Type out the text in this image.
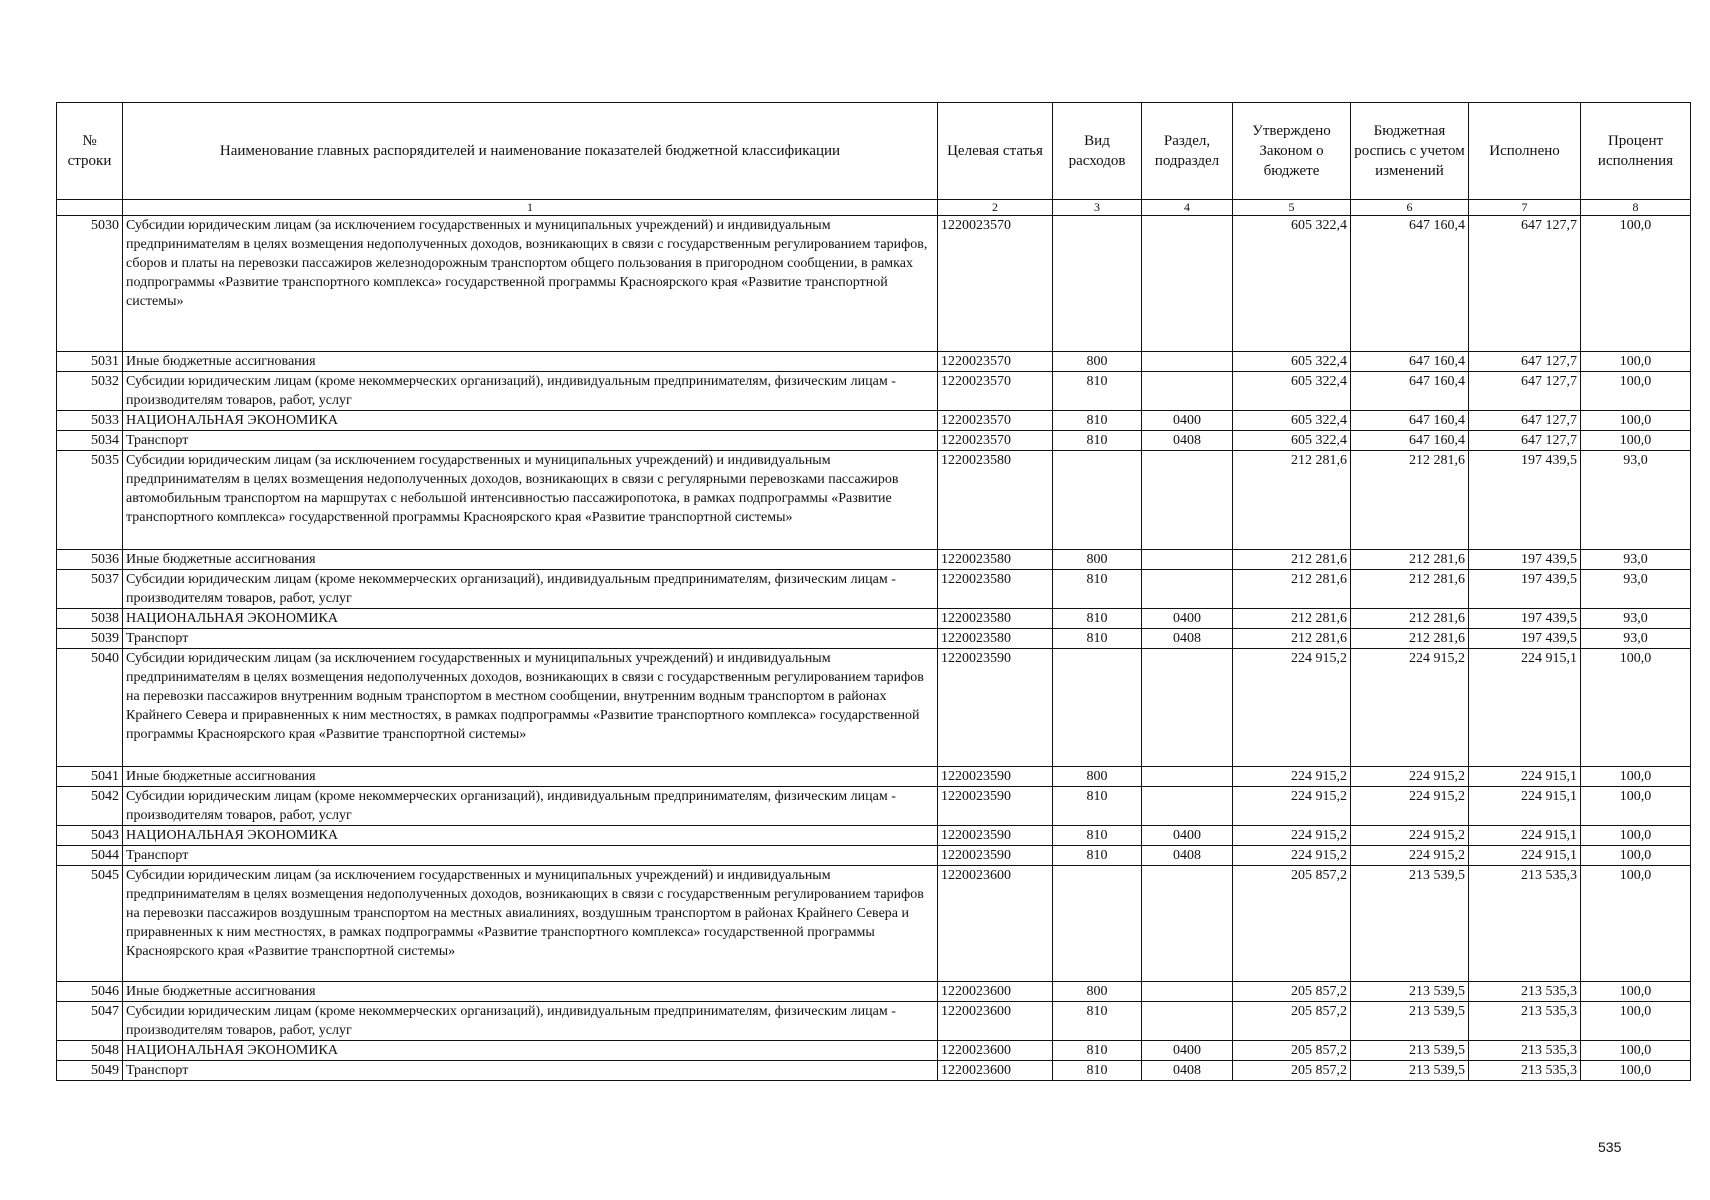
№ строки	Наименование главных распорядителей и наименование показателей бюджетной классификации	Целевая статья	Вид расходов	Раздел, подраздел	Утверждено Законом о бюджете	Бюджетная роспись с учетом изменений	Исполнено	Процент исполнения
	1	2	3	4	5	6	7	8
5030	Субсидии юридическим лицам (за исключением государственных и муниципальных учреждений) и индивидуальным предпринимателям в целях возмещения недополученных доходов, возникающих в связи с государственным регулированием тарифов, сборов и платы на перевозки пассажиров железнодорожным транспортом общего пользования в пригородном сообщении, в рамках подпрограммы «Развитие транспортного комплекса» государственной программы Красноярского края «Развитие транспортной системы»	1220023570			605 322,4	647 160,4	647 127,7	100,0
5031	Иные бюджетные ассигнования	1220023570	800		605 322,4	647 160,4	647 127,7	100,0
5032	Субсидии юридическим лицам (кроме некоммерческих организаций), индивидуальным предпринимателям, физическим лицам - производителям товаров, работ, услуг	1220023570	810		605 322,4	647 160,4	647 127,7	100,0
5033	НАЦИОНАЛЬНАЯ ЭКОНОМИКА	1220023570	810	0400	605 322,4	647 160,4	647 127,7	100,0
5034	Транспорт	1220023570	810	0408	605 322,4	647 160,4	647 127,7	100,0
5035	Субсидии юридическим лицам (за исключением государственных и муниципальных учреждений) и индивидуальным предпринимателям в целях возмещения недополученных доходов, возникающих в связи с регулярными перевозками пассажиров автомобильным транспортом на маршрутах с небольшой интенсивностью пассажиропотока, в рамках подпрограммы «Развитие транспортного комплекса» государственной программы Красноярского края «Развитие транспортной системы»	1220023580			212 281,6	212 281,6	197 439,5	93,0
5036	Иные бюджетные ассигнования	1220023580	800		212 281,6	212 281,6	197 439,5	93,0
5037	Субсидии юридическим лицам (кроме некоммерческих организаций), индивидуальным предпринимателям, физическим лицам - производителям товаров, работ, услуг	1220023580	810		212 281,6	212 281,6	197 439,5	93,0
5038	НАЦИОНАЛЬНАЯ ЭКОНОМИКА	1220023580	810	0400	212 281,6	212 281,6	197 439,5	93,0
5039	Транспорт	1220023580	810	0408	212 281,6	212 281,6	197 439,5	93,0
5040	Субсидии юридическим лицам (за исключением государственных и муниципальных учреждений) и индивидуальным предпринимателям в целях возмещения недополученных доходов, возникающих в связи с государственным регулированием тарифов на перевозки пассажиров внутренним водным транспортом в местном сообщении, внутренним водным транспортом в районах Крайнего Севера и приравненных к ним местностях, в рамках подпрограммы «Развитие транспортного комплекса» государственной программы Красноярского края «Развитие транспортной системы»	1220023590			224 915,2	224 915,2	224 915,1	100,0
5041	Иные бюджетные ассигнования	1220023590	800		224 915,2	224 915,2	224 915,1	100,0
5042	Субсидии юридическим лицам (кроме некоммерческих организаций), индивидуальным предпринимателям, физическим лицам - производителям товаров, работ, услуг	1220023590	810		224 915,2	224 915,2	224 915,1	100,0
5043	НАЦИОНАЛЬНАЯ ЭКОНОМИКА	1220023590	810	0400	224 915,2	224 915,2	224 915,1	100,0
5044	Транспорт	1220023590	810	0408	224 915,2	224 915,2	224 915,1	100,0
5045	Субсидии юридическим лицам (за исключением государственных и муниципальных учреждений) и индивидуальным предпринимателям в целях возмещения недополученных доходов, возникающих в связи с государственным регулированием тарифов на перевозки пассажиров воздушным транспортом на местных авиалиниях, воздушным транспортом в районах Крайнего Севера и приравненных к ним местностях, в рамках подпрограммы «Развитие транспортного комплекса» государственной программы Красноярского края «Развитие транспортной системы»	1220023600			205 857,2	213 539,5	213 535,3	100,0
5046	Иные бюджетные ассигнования	1220023600	800		205 857,2	213 539,5	213 535,3	100,0
5047	Субсидии юридическим лицам (кроме некоммерческих организаций), индивидуальным предпринимателям, физическим лицам - производителям товаров, работ, услуг	1220023600	810		205 857,2	213 539,5	213 535,3	100,0
5048	НАЦИОНАЛЬНАЯ ЭКОНОМИКА	1220023600	810	0400	205 857,2	213 539,5	213 535,3	100,0
5049	Транспорт	1220023600	810	0408	205 857,2	213 539,5	213 535,3	100,0
535
